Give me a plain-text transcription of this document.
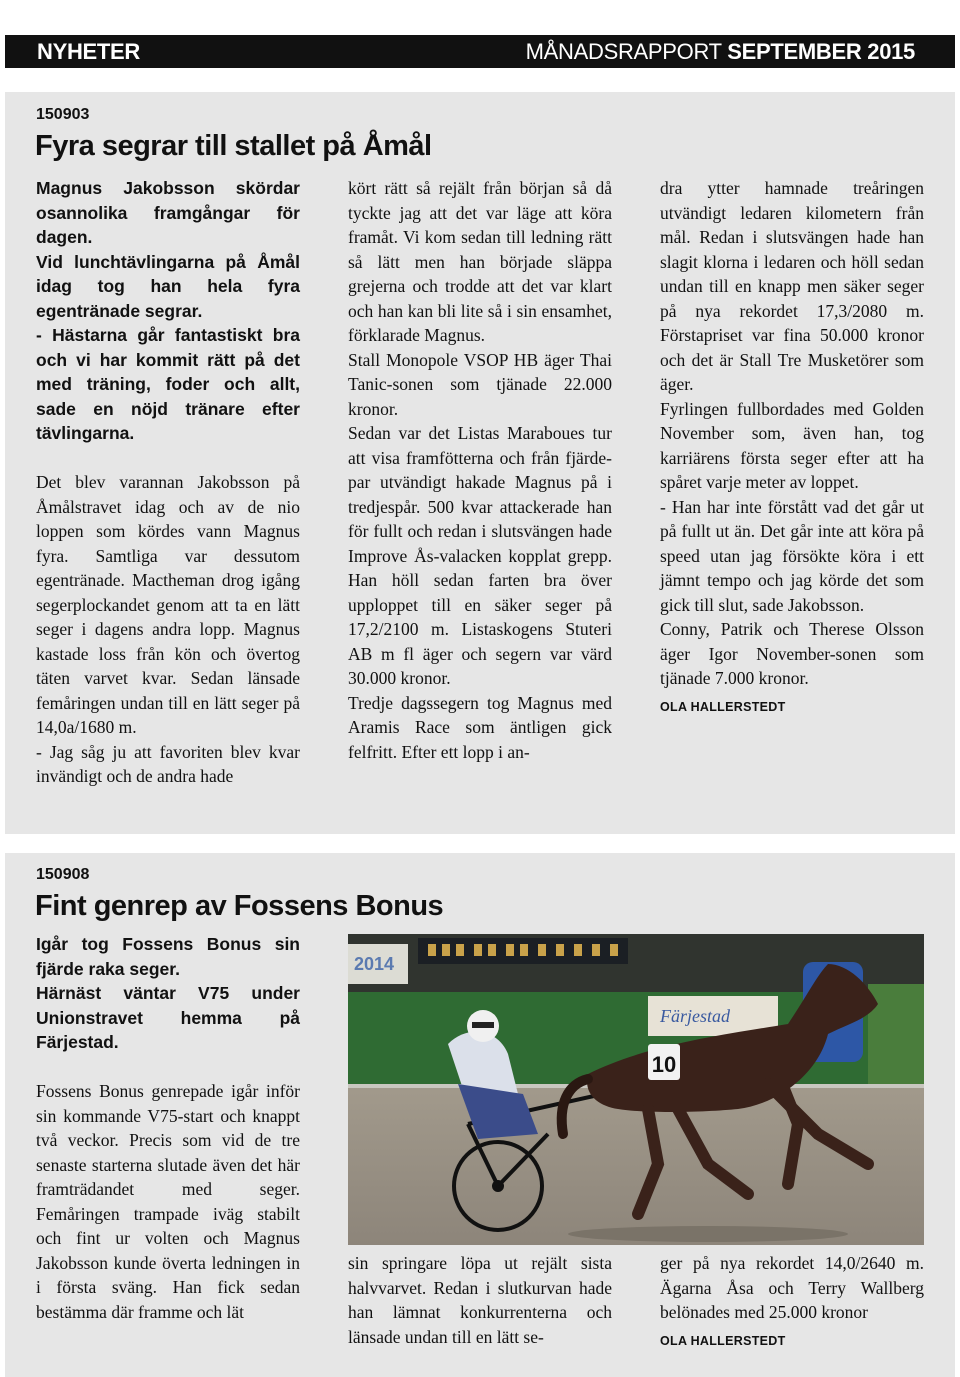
NYHETER	MÅNADSRAPPORT SEPTEMBER 2015
150903
Fyra segrar till stallet på Åmål

Magnus Jakobsson skördar osannolika framgångar för dagen.

Vid lunchtävlingarna på Åmål idag tog han hela fyra egentränade segrar.

- Hästarna går fantastiskt bra och vi har kommit rätt på det med träning, foder och allt, sade en nöjd tränare efter tävlingarna.

Det blev varannan Jakobsson på Åmålstravet idag och av de nio loppen som kördes vann Magnus fyra. Samtliga var dessutom egentränade. Mactheman drog igång segerplockandet genom att ta en lätt seger i dagens andra lopp. Magnus kastade loss från kön och övertog täten varvet kvar. Sedan länsade femåringen undan till en lätt seger på 14,0a/1680 m.

- Jag såg ju att favoriten blev kvar invändigt och de andra hade

kört rätt så rejält från början så då tyckte jag att det var läge att köra framåt. Vi kom sedan till ledning rätt så lätt men han började släppa grejerna och trodde att det var klart och han kan bli lite så i sin ensamhet, förklarade Magnus.

Stall Monopole VSOP HB äger Thai Tanic-sonen som tjänade 22.000 kronor.

Sedan var det Listas Maraboues tur att visa framfötterna och från fjärde-par utvändigt hakade Magnus på i tredjespår. 500 kvar attackerade han för fullt och redan i slutsvängen hade Improve Ås-valacken kopplat grepp. Han höll sedan farten bra över upploppet till en säker seger på 17,2/2100 m. Listaskogens Stuteri AB m fl äger och segern var värd 30.000 kronor.

Tredje dagssegern tog Magnus med Aramis Race som äntligen gick felfritt. Efter ett lopp i an-

dra ytter hamnade treåringen utvändigt ledaren kilometern från mål. Redan i slutsvängen hade han slagit klorna i ledaren och höll sedan undan till en knapp men säker seger på nya rekordet 17,3/2080 m. Förstapriset var fina 50.000 kronor och det är Stall Tre Musketörer som äger.

Fyrlingen fullbordades med Golden November som, även han, tog karriärens första seger efter att ha spåret varje meter av loppet.

- Han har inte förstått vad det går ut på fullt ut än. Det går inte att köra på speed utan jag försökte köra i ett jämnt tempo och jag körde det som gick till slut, sade Jakobsson.

Conny, Patrik och Therese Olsson äger Igor November-sonen som tjänade 7.000 kronor.

OLA HALLERSTEDT
150908
Fint genrep av Fossens Bonus

Igår tog Fossens Bonus sin fjärde raka seger.

Härnäst väntar V75 under Unionstravet hemma på Färjestad.

Fossens Bonus genrepade igår inför sin kommande V75-start och knappt två veckor. Precis som vid de tre senaste starterna slutade även det här framträdandet med seger. Femåringen trampade iväg stabilt och fint ur volten och Magnus Jakobsson kunde överta ledningen in i första sväng. Han fick sedan bestämma där framme och lät

2014
Färjestad
10

sin springare löpa ut rejält sista halvvarvet. Redan i slutkurvan hade han lämnat konkurrenterna och länsade undan till en lätt se-

ger på nya rekordet 14,0/2640 m. Ägarna Åsa och Terry Wallberg belönades med 25.000 kronor

OLA HALLERSTEDT
